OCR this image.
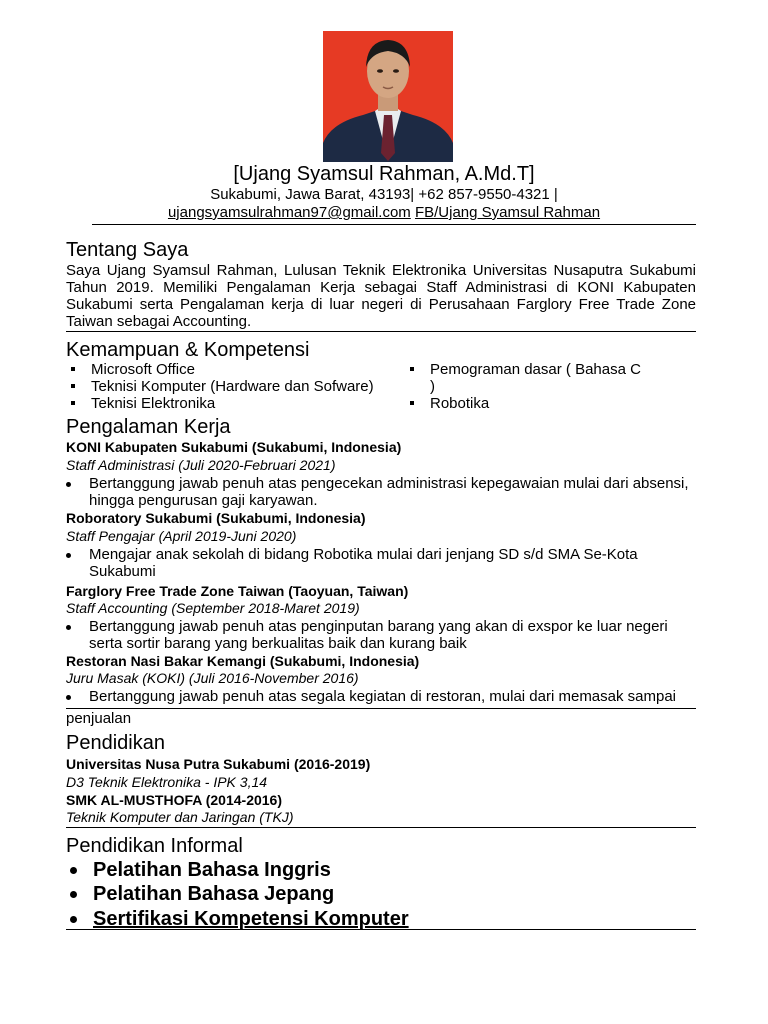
[Ujang Syamsul Rahman, A.Md.T]
Sukabumi, Jawa Barat, 43193| +62 857-9550-4321 |
ujangsyamsulrahman97@gmail.com FB/Ujang Syamsul Rahman
Tentang Saya

Saya Ujang Syamsul Rahman, Lulusan Teknik Elektronika Universitas Nusaputra Sukabumi Tahun 2019. Memiliki Pengalaman Kerja sebagai Staff Administrasi di KONI Kabupaten Sukabumi serta Pengalaman kerja di luar negeri di Perusahaan Farglory Free Trade Zone Taiwan sebagai Accounting.

Kemampuan & Kompetensi
Microsoft Office
Teknisi Komputer (Hardware dan Sofware)
Teknisi Elektronika
Pemograman dasar ( Bahasa C )
Robotika
Pengalaman Kerja
KONI Kabupaten Sukabumi (Sukabumi, Indonesia)
Staff Administrasi (Juli 2020-Februari 2021)
Bertanggung jawab penuh atas pengecekan administrasi kepegawaian mulai dari absensi, hingga pengurusan gaji karyawan.
Roboratory Sukabumi (Sukabumi, Indonesia)
Staff Pengajar (April 2019-Juni 2020)
Mengajar anak sekolah di bidang Robotika mulai dari jenjang SD s/d SMA Se-Kota Sukabumi
Farglory Free Trade Zone Taiwan (Taoyuan, Taiwan)
Staff Accounting (September 2018-Maret 2019)
Bertanggung jawab penuh atas penginputan barang yang akan di exspor ke luar negeri serta sortir barang yang berkualitas baik dan kurang baik
Restoran Nasi Bakar Kemangi (Sukabumi, Indonesia)
Juru Masak (KOKI) (Juli 2016-November 2016)
Bertanggung jawab penuh atas segala kegiatan di restoran, mulai dari memasak sampai
penjualan
Pendidikan
Universitas Nusa Putra Sukabumi (2016-2019)
D3 Teknik Elektronika - IPK 3,14
SMK AL-MUSTHOFA (2014-2016)
Teknik Komputer dan Jaringan (TKJ)
Pendidikan Informal
Pelatihan Bahasa Inggris
Pelatihan Bahasa Jepang
Sertifikasi Kompetensi Komputer
